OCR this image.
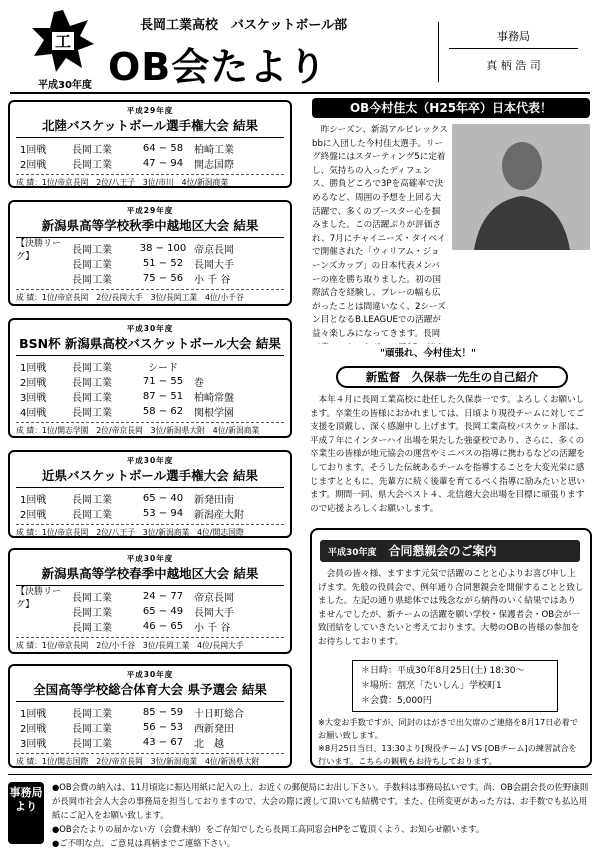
工
長岡工業高校　バスケットボール部
OB会たより
平成30年度
事務局
真 柄 浩 司
平成29年度
北陸バスケットボール選手権大会 結果
1回戦	長岡工業	64 − 58	柏崎工業
2回戦	長岡工業	47 − 94	開志国際
成 績：1位/帝京長岡　2位/八王子　3位/市川　4位/新潟商業
平成29年度
新潟県高等学校秋季中越地区大会 結果
【決勝リーグ】
長岡工業	38 − 100 帝京長岡
長岡工業	51 − 52	長岡大手
長岡工業	75 − 56	小 千 谷
成 績：1位/帝京長岡　2位/長岡大手　3位/長岡工業　4位/小千谷
平成30年度
BSN杯 新潟県高校バスケットボール大会 結果
1回戦	長岡工業	シード
2回戦	長岡工業	71 − 55	巻
3回戦	長岡工業	87 − 51	柏崎常盤
4回戦	長岡工業	58 − 62	関根学園
成 績：1位/開志学園　2位/帝京長岡　3位/新潟県大附　4位/新潟商業
平成30年度
近県バスケットボール選手権大会 結果
1回戦	長岡工業	65 − 40	新発田南
2回戦	長岡工業	53 − 94	新潟産大附
成 績：1位/帝京長岡　2位/八王子　3位/新潟商業　4位/開志国際
平成30年度
新潟県高等学校春季中越地区大会 結果
【決勝リーグ】
長岡工業	24 − 77	帝京長岡
長岡工業	65 − 49	長岡大手
長岡工業	46 − 65	小 千 谷
成 績：1位/帝京長岡　2位/小千谷　3位/長岡工業　4位/長岡大手
平成30年度
全国高等学校総合体育大会 県予選会 結果
1回戦	長岡工業	85 − 59	十日町総合
2回戦	長岡工業	56 − 53	西新発田
3回戦	長岡工業	43 − 67	北　越
成 績：1位/開志国際　2位/帝京長岡　3位/新潟商業　4位/新潟県大附
OB今村佳太（H25年卒）日本代表！
昨シーズン、新潟アルビレックスbbに入団した今村佳太選手。リーグ終盤にはスターティング5に定着し、気持ちの入ったディフェンス、勝負どころで3Pを高確率で決めるなど、周囲の予想を上回る大活躍で、多くのブースター心を掴みました。この活躍ぶりが評価され、7月にチャイニーズ・タイペイで開催された「ウィリアム・ジョーンズカップ」の日本代表メンバーの座を勝ち取りました。初の国際試合を経験し、プレーの幅も広がったことは間違いなく、2シーズン目となるB.LEAGUEでの活躍が益々楽しみになってきます。長岡
"頑張れ、今村佳太！"
新監督　久保恭一先生の自己紹介
本年４月に長岡工業高校に赴任した久保恭一です。よろしくお願いします。卒業生の皆様におかれましては、日頃より現役チームに対してご支援を頂戴し、深く感謝申し上げます。長岡工業高校バスケット部は、平成７年にインターハイ出場を果たした強豪校であり、さらに、多くの卒業生の皆様が地元協会の運営やミニバスの指導に携わるなどの活躍をしております。そうした伝統あるチームを指導することを大変光栄に感じますとともに、先輩方に続く後輩を育てるべく指導に励みたいと思います。期間一同、県大会ベスト４、北信越大会出場を目標に頑張りますので応援よろしくお願いします。
平成30年度　 合同懇親会のご案内
会員の皆々様、ますます元気で活躍のことと心よりお喜び申し上げます。先般の役員会で、例年通り合同懇親会を開催することと致しました。左記の通り県総体では残念ながら納得のいく結果ではありませんでしたが、新チームの活躍を願い学校・保護者会・OB会が一致団結をしていきたいと考えております。大勢のOBの皆様の参加をお待ちしております。
＊日時：平成30年8月25日(土) 18:30〜
＊場所：割烹「たいしん」学校町1
＊会費：5,000円
※大変お手数ですが、同封のはがきで出欠席のご連絡を8月17日必着でお願い致します。
※8月25日当日、13:30より[現役チーム] VS [OBチーム]の練習試合を行います。こちらの観戦もお待ちしております。
事務局より
●OB会費の納入は、11月頃迄に振込用紙に記入の上、お近くの郵便局にお出し下さい。手数料は事務局払いです。尚、OB会副会長の佐野康則が長岡市社会人大会の事務局を担当しておりますので、大会の際に渡して頂いても結構です。また、住所変更があった方は、お手数でも払込用紙にご記入をお願い致します。
●OB会たよりの届かない方（会費未納）をご存知でしたら長岡工高同窓会HPをご覧頂くよう、お知らせ願います。
●ご不明な点、ご意見は真柄までご連絡下さい。
